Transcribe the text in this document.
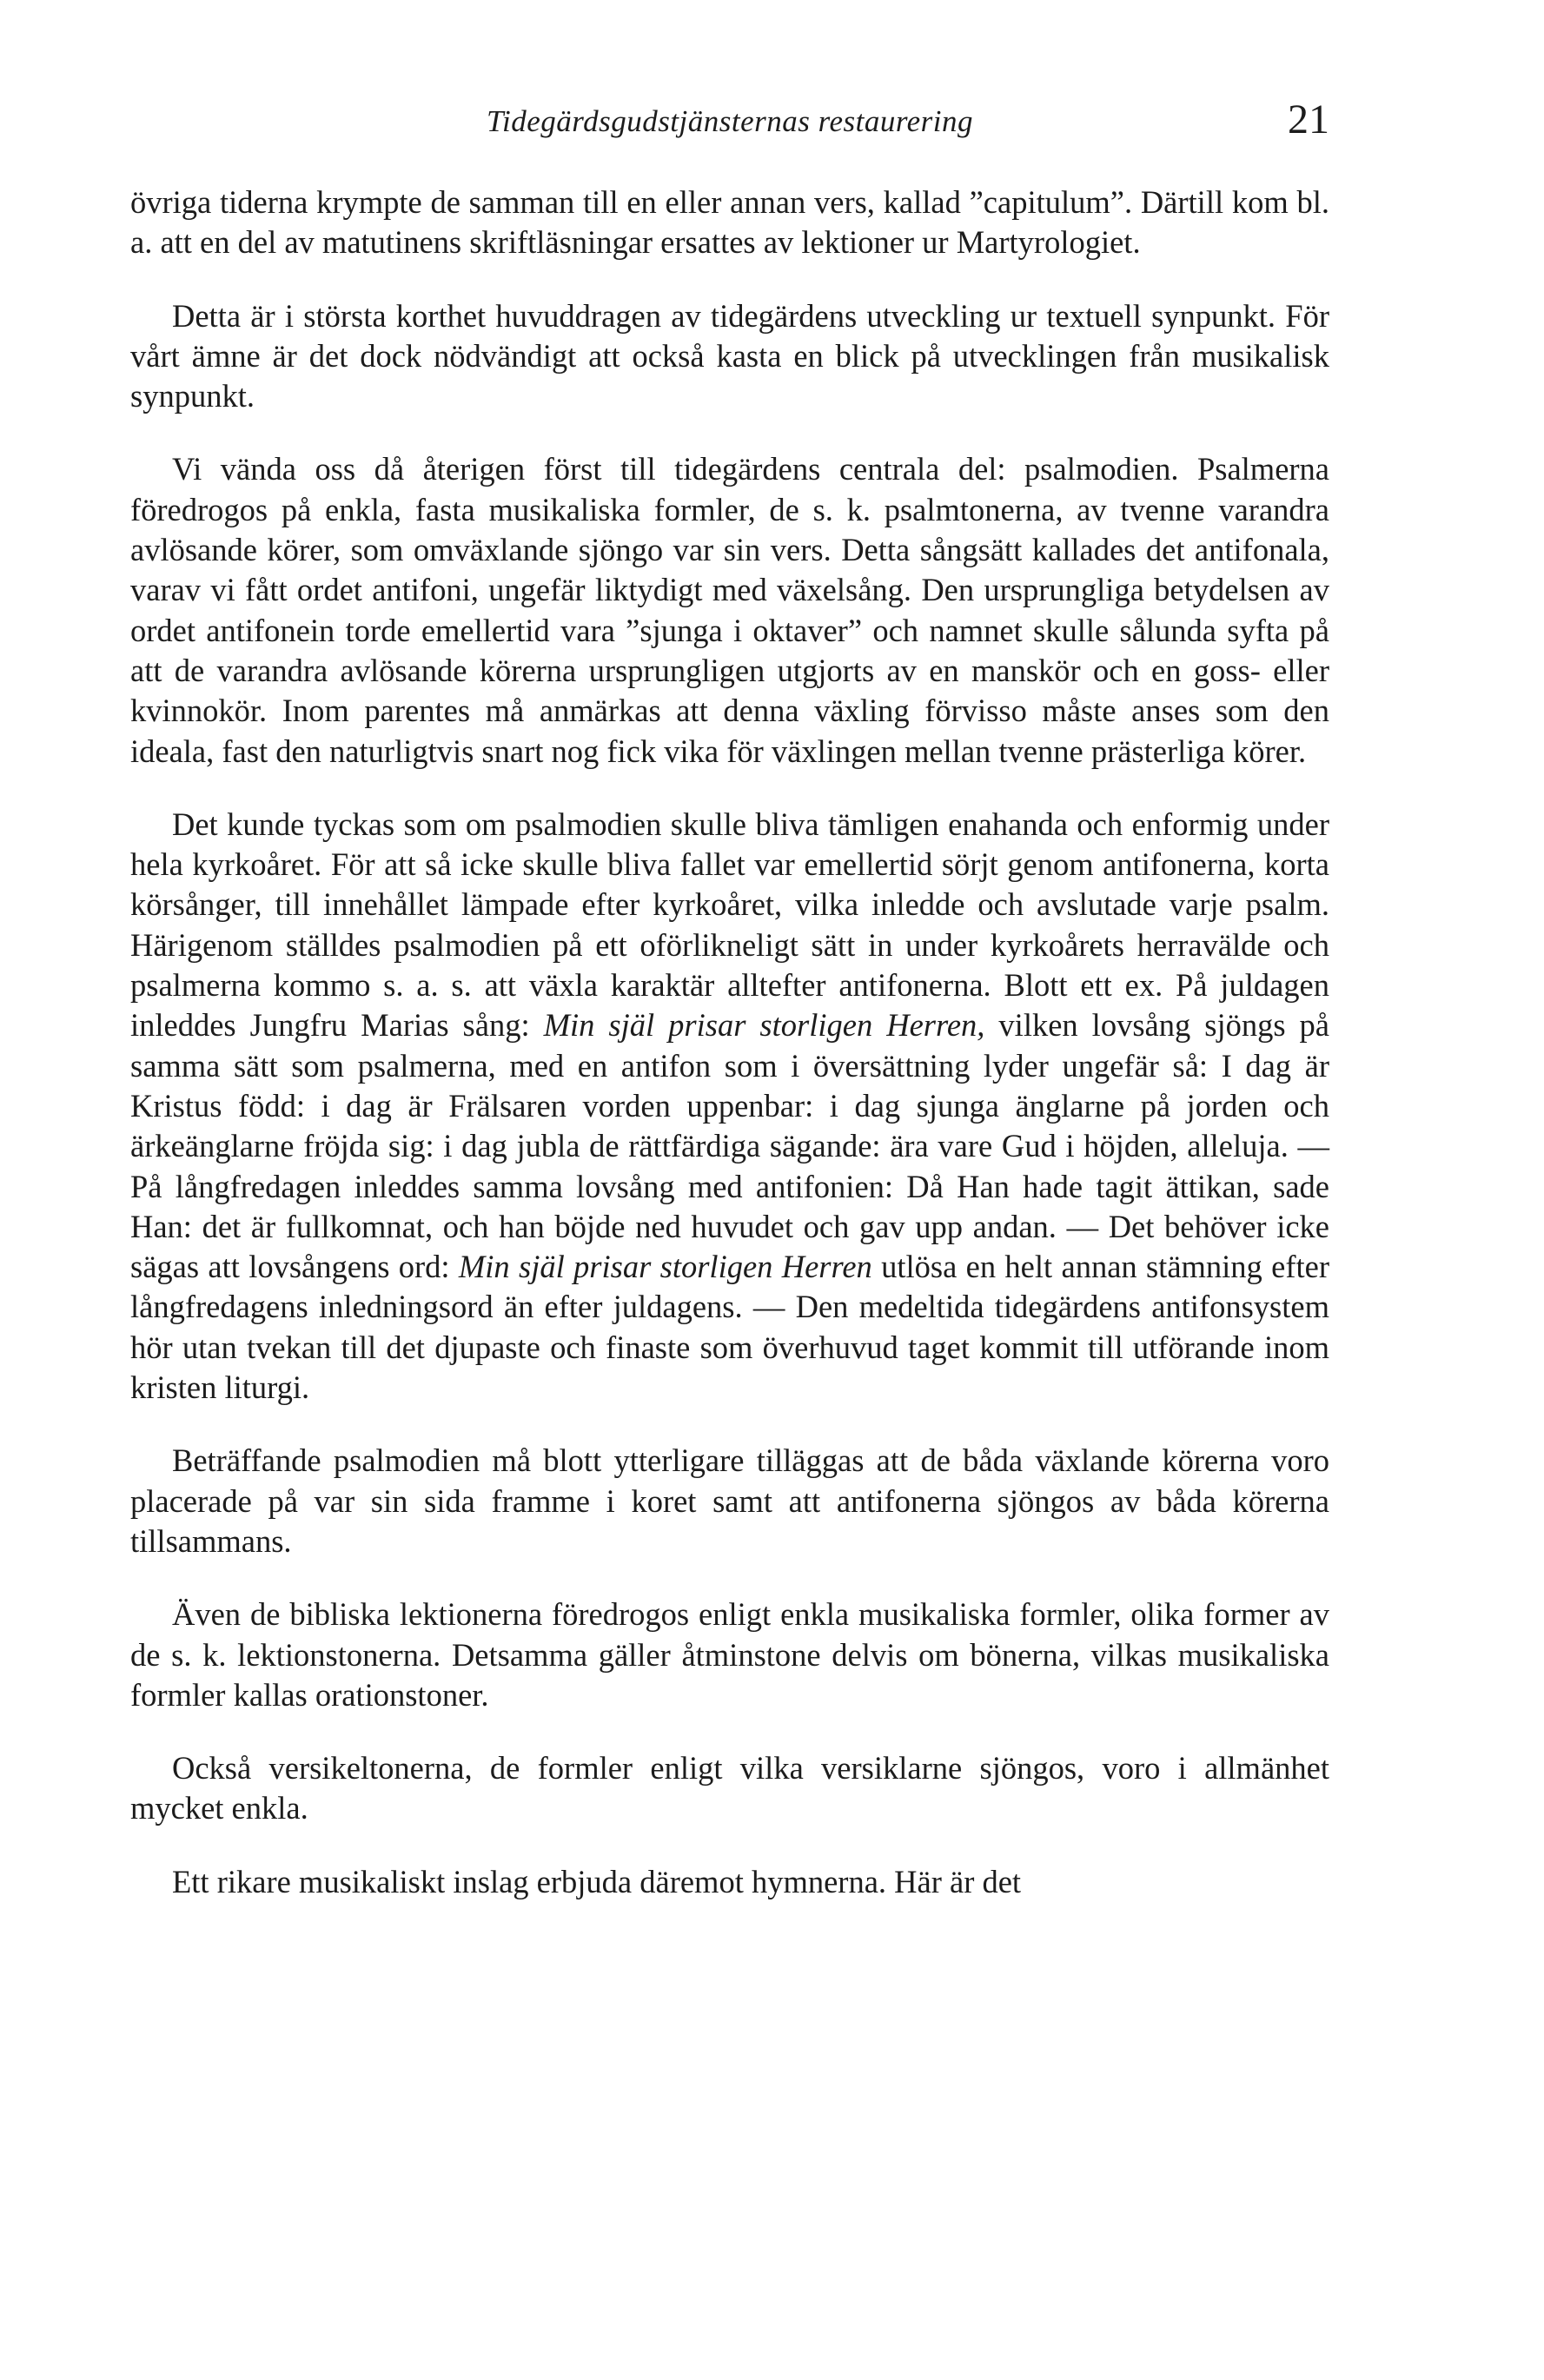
Tidegärdsgudstjänsternas restaurering	21

övriga tiderna krympte de samman till en eller annan vers, kallad ”capitulum”. Därtill kom bl. a. att en del av matutinens skriftläsningar ersattes av lektioner ur Martyrologiet.

Detta är i största korthet huvuddragen av tidegärdens utveckling ur textuell synpunkt. För vårt ämne är det dock nödvändigt att också kasta en blick på utvecklingen från musikalisk synpunkt.

Vi vända oss då återigen först till tidegärdens centrala del: psalmodien. Psalmerna föredrogos på enkla, fasta musikaliska formler, de s. k. psalmtonerna, av tvenne varandra avlösande körer, som omväxlande sjöngo var sin vers. Detta sångsätt kallades det antifonala, varav vi fått ordet antifoni, ungefär liktydigt med växelsång. Den ursprungliga betydelsen av ordet antifonein torde emellertid vara ”sjunga i oktaver” och namnet skulle sålunda syfta på att de varandra avlösande körerna ursprungligen utgjorts av en manskör och en goss- eller kvinnokör. Inom parentes må anmärkas att denna växling förvisso måste anses som den ideala, fast den naturligtvis snart nog fick vika för växlingen mellan tvenne prästerliga körer.

Det kunde tyckas som om psalmodien skulle bliva tämligen enahanda och enformig under hela kyrkoåret. För att så icke skulle bliva fallet var emellertid sörjt genom antifonerna, korta körsånger, till innehållet lämpade efter kyrkoåret, vilka inledde och avslutade varje psalm. Härigenom ställdes psalmodien på ett oförlikneligt sätt in under kyrkoårets herravälde och psalmerna kommo s. a. s. att växla karaktär alltefter antifonerna. Blott ett ex. På juldagen inleddes Jungfru Marias sång: Min själ prisar storligen Herren, vilken lovsång sjöngs på samma sätt som psalmerna, med en antifon som i översättning lyder ungefär så: I dag är Kristus född: i dag är Frälsaren vorden uppenbar: i dag sjunga änglarne på jorden och ärkeänglarne fröjda sig: i dag jubla de rättfärdiga sägande: ära vare Gud i höjden, alleluja. — På långfredagen inleddes samma lovsång med antifonien: Då Han hade tagit ättikan, sade Han: det är fullkomnat, och han böjde ned huvudet och gav upp andan. — Det behöver icke sägas att lovsångens ord: Min själ prisar storligen Herren utlösa en helt annan stämning efter långfredagens inledningsord än efter juldagens. — Den medeltida tidegärdens antifonsystem hör utan tvekan till det djupaste och finaste som överhuvud taget kommit till utförande inom kristen liturgi.

Beträffande psalmodien må blott ytterligare tilläggas att de båda växlande körerna voro placerade på var sin sida framme i koret samt att antifonerna sjöngos av båda körerna tillsammans.

Även de bibliska lektionerna föredrogos enligt enkla musikaliska formler, olika former av de s. k. lektionstonerna. Detsamma gäller åtminstone delvis om bönerna, vilkas musikaliska formler kallas orationstoner.

Också versikeltonerna, de formler enligt vilka versiklarne sjöngos, voro i allmänhet mycket enkla.

Ett rikare musikaliskt inslag erbjuda däremot hymnerna. Här är det
